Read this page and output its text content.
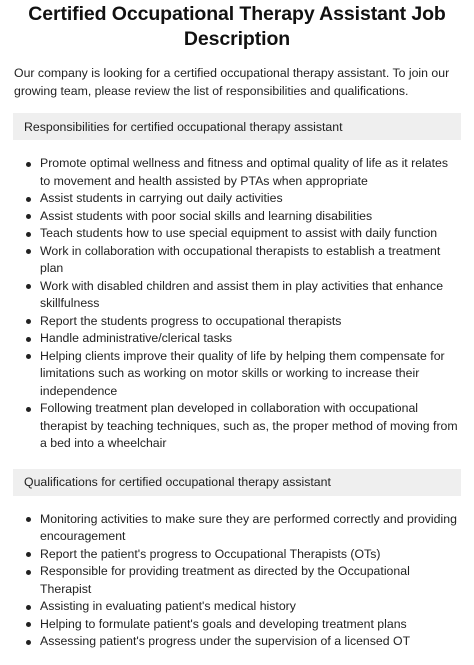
Certified Occupational Therapy Assistant Job Description

Our company is looking for a certified occupational therapy assistant. To join our growing team, please review the list of responsibilities and qualifications.

Responsibilities for certified occupational therapy assistant
Promote optimal wellness and fitness and optimal quality of life as it relates to movement and health assisted by PTAs when appropriate
Assist students in carrying out daily activities
Assist students with poor social skills and learning disabilities
Teach students how to use special equipment to assist with daily function
Work in collaboration with occupational therapists to establish a treatment plan
Work with disabled children and assist them in play activities that enhance skillfulness
Report the students progress to occupational therapists
Handle administrative/clerical tasks
Helping clients improve their quality of life by helping them compensate for limitations such as working on motor skills or working to increase their independence
Following treatment plan developed in collaboration with occupational therapist by teaching techniques, such as, the proper method of moving from a bed into a wheelchair
Qualifications for certified occupational therapy assistant
Monitoring activities to make sure they are performed correctly and providing encouragement
Report the patient's progress to Occupational Therapists (OTs)
Responsible for providing treatment as directed by the Occupational Therapist
Assisting in evaluating patient's medical history
Helping to formulate patient's goals and developing treatment plans
Assessing patient's progress under the supervision of a licensed OT
